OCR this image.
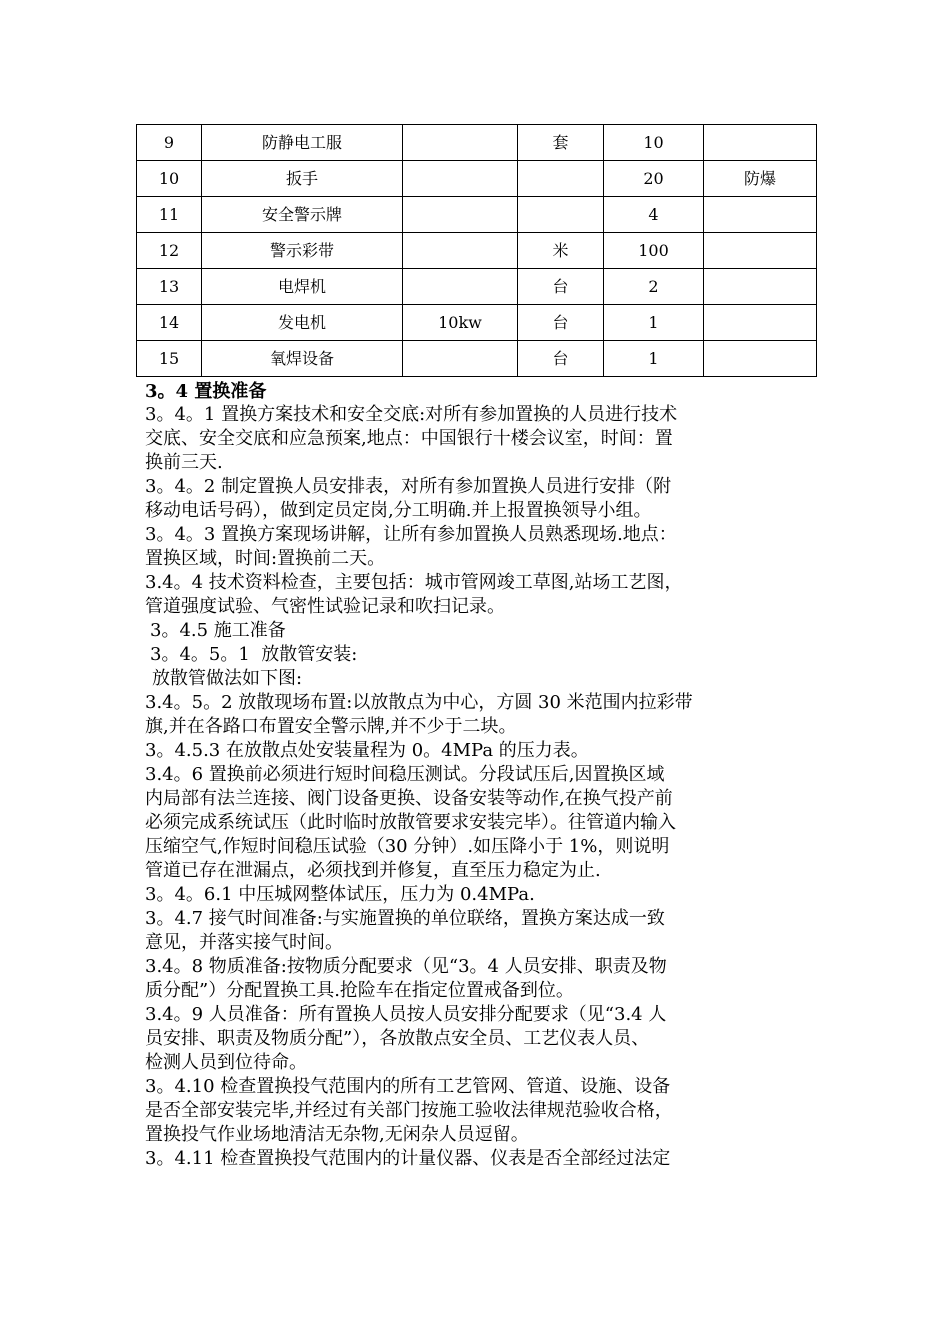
9	防静电工服		套	10	
10	扳手			20	防爆
11	安全警示牌			4	
12	警示彩带		米	100	
13	电焊机		台	2	
14	发电机	10kw	台	1	
15	氧焊设备		台	1	
3。4 置换准备
3。4。1 置换方案技术和安全交底:对所有参加置换的人员进行技术
交底、安全交底和应急预案,地点：中国银行十楼会议室，时间：置
换前三天.
3。4。2 制定置换人员安排表，对所有参加置换人员进行安排（附
移动电话号码），做到定员定岗,分工明确.并上报置换领导小组。
3。4。3 置换方案现场讲解，让所有参加置换人员熟悉现场.地点：
置换区域，时间:置换前二天。
3.4。4 技术资料检查，主要包括：城市管网竣工草图,站场工艺图，
管道强度试验、气密性试验记录和吹扫记录。
3。4.5 施工准备
3。4。5。1  放散管安装:
放散管做法如下图:
3.4。5。2 放散现场布置:以放散点为中心，方圆 30 米范围内拉彩带
旗,并在各路口布置安全警示牌,并不少于二块。
3。4.5.3 在放散点处安装量程为 0。4MPa 的压力表。
3.4。6 置换前必须进行短时间稳压测试。分段试压后,因置换区域
内局部有法兰连接、阀门设备更换、设备安装等动作,在换气投产前
必须完成系统试压（此时临时放散管要求安装完毕）。往管道内输入
压缩空气,作短时间稳压试验（30 分钟）.如压降小于 1%，则说明
管道已存在泄漏点，必须找到并修复，直至压力稳定为止.
3。4。6.1 中压城网整体试压，压力为 0.4MPa.
3。4.7 接气时间准备:与实施置换的单位联络，置换方案达成一致
意见，并落实接气时间。
3.4。8 物质准备:按物质分配要求（见“3。4 人员安排、职责及物
质分配”）分配置换工具.抢险车在指定位置戒备到位。
3.4。9 人员准备：所有置换人员按人员安排分配要求（见“3.4 人
员安排、职责及物质分配”），各放散点安全员、工艺仪表人员、
检测人员到位待命。
3。4.10 检查置换投气范围内的所有工艺管网、管道、设施、设备
是否全部安装完毕,并经过有关部门按施工验收法律规范验收合格，
置换投气作业场地清洁无杂物,无闲杂人员逗留。
3。4.11 检查置换投气范围内的计量仪器、仪表是否全部经过法定
